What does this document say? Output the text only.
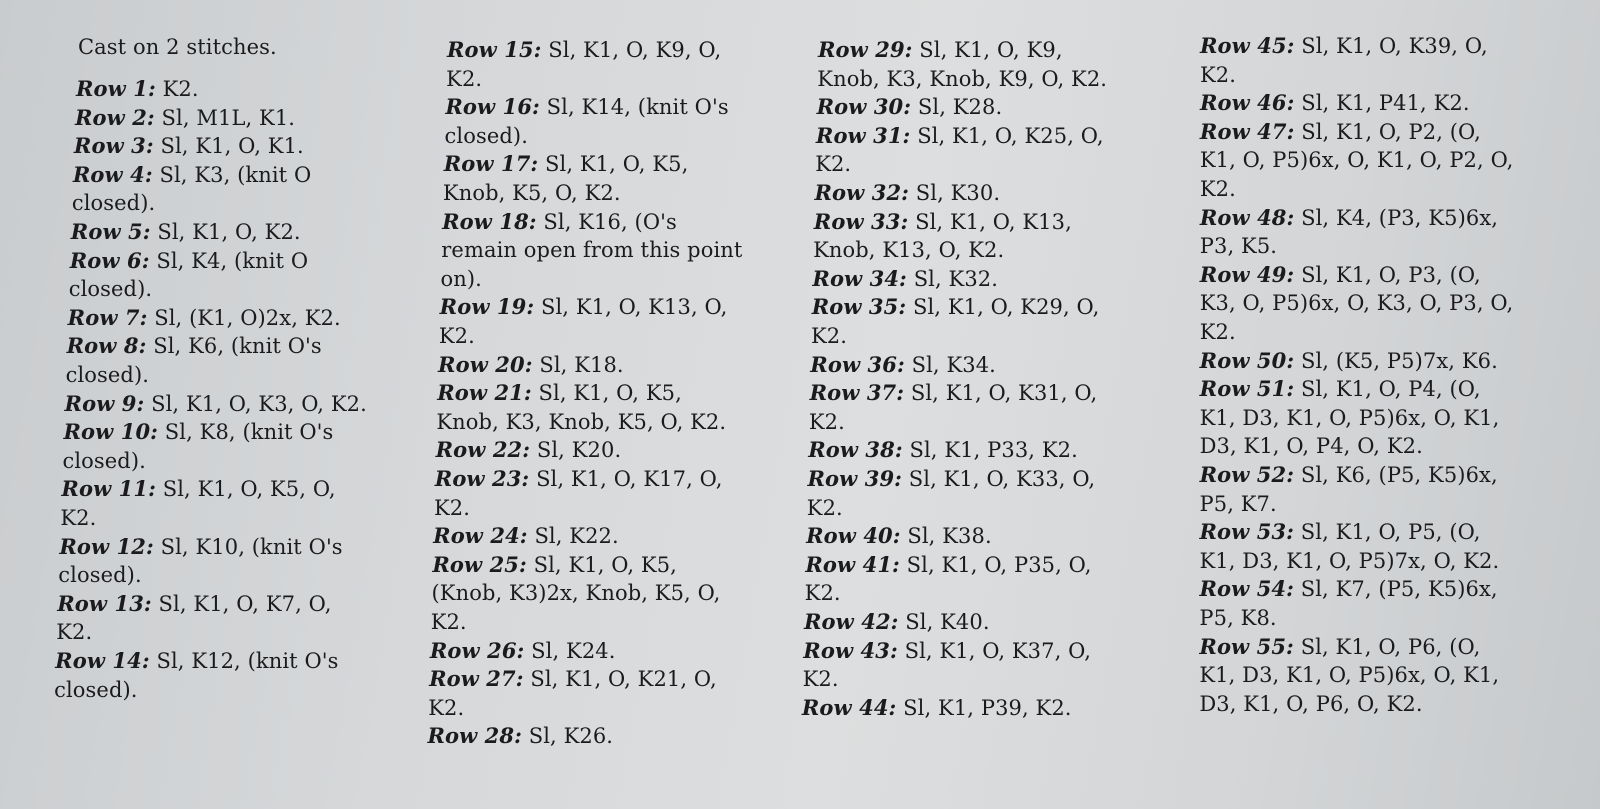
Cast on 2 stitches.
Row 1: K2.
Row 2: Sl, M1L, K1.
Row 3: Sl, K1, O, K1.
Row 4: Sl, K3, (knit O
closed).
Row 5: Sl, K1, O, K2.
Row 6: Sl, K4, (knit O
closed).
Row 7: Sl, (K1, O)2x, K2.
Row 8: Sl, K6, (knit O's
closed).
Row 9: Sl, K1, O, K3, O, K2.
Row 10: Sl, K8, (knit O's
closed).
Row 11: Sl, K1, O, K5, O,
K2.
Row 12: Sl, K10, (knit O's
closed).
Row 13: Sl, K1, O, K7, O,
K2.
Row 14: Sl, K12, (knit O's
closed).
Row 15: Sl, K1, O, K9, O,
K2.
Row 16: Sl, K14, (knit O's
closed).
Row 17: Sl, K1, O, K5,
Knob, K5, O, K2.
Row 18: Sl, K16, (O's
remain open from this point
on).
Row 19: Sl, K1, O, K13, O,
K2.
Row 20: Sl, K18.
Row 21: Sl, K1, O, K5,
Knob, K3, Knob, K5, O, K2.
Row 22: Sl, K20.
Row 23: Sl, K1, O, K17, O,
K2.
Row 24: Sl, K22.
Row 25: Sl, K1, O, K5,
(Knob, K3)2x, Knob, K5, O,
K2.
Row 26: Sl, K24.
Row 27: Sl, K1, O, K21, O,
K2.
Row 28: Sl, K26.
Row 29: Sl, K1, O, K9,
Knob, K3, Knob, K9, O, K2.
Row 30: Sl, K28.
Row 31: Sl, K1, O, K25, O,
K2.
Row 32: Sl, K30.
Row 33: Sl, K1, O, K13,
Knob, K13, O, K2.
Row 34: Sl, K32.
Row 35: Sl, K1, O, K29, O,
K2.
Row 36: Sl, K34.
Row 37: Sl, K1, O, K31, O,
K2.
Row 38: Sl, K1, P33, K2.
Row 39: Sl, K1, O, K33, O,
K2.
Row 40: Sl, K38.
Row 41: Sl, K1, O, P35, O,
K2.
Row 42: Sl, K40.
Row 43: Sl, K1, O, K37, O,
K2.
Row 44: Sl, K1, P39, K2.
Row 45: Sl, K1, O, K39, O,
K2.
Row 46: Sl, K1, P41, K2.
Row 47: Sl, K1, O, P2, (O,
K1, O, P5)6x, O, K1, O, P2, O,
K2.
Row 48: Sl, K4, (P3, K5)6x,
P3, K5.
Row 49: Sl, K1, O, P3, (O,
K3, O, P5)6x, O, K3, O, P3, O,
K2.
Row 50: Sl, (K5, P5)7x, K6.
Row 51: Sl, K1, O, P4, (O,
K1, D3, K1, O, P5)6x, O, K1,
D3, K1, O, P4, O, K2.
Row 52: Sl, K6, (P5, K5)6x,
P5, K7.
Row 53: Sl, K1, O, P5, (O,
K1, D3, K1, O, P5)7x, O, K2.
Row 54: Sl, K7, (P5, K5)6x,
P5, K8.
Row 55: Sl, K1, O, P6, (O,
K1, D3, K1, O, P5)6x, O, K1,
D3, K1, O, P6, O, K2.
